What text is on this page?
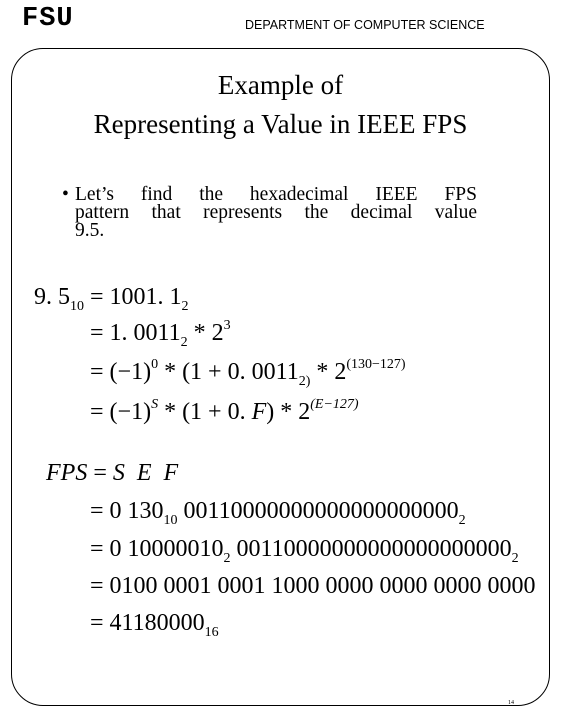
FSU	DEPARTMENT OF COMPUTER SCIENCE
Example of
Representing a Value in IEEE FPS
• Let’s find the hexadecimal IEEE FPS
pattern that represents the decimal value
9.5.
9. $5_{10} = 1001$. $1_2$
= 1. $0011_2 * 2^3$
= $(-1)^0 * (1 + 0$. $0011_{2)} * 2^{(130-127)}$
= $(-1)^S * (1 + 0$. $F) * 2^{(E-127)}$
FPS = S  E  F
= 0 $130_{10}$ $00110000000000000000000_2$
= 0 $10000010_2$ $00110000000000000000000_2$
= 0100 0001 0001 1000 0000 0000 0000 0000
= $41180000_{16}$
14
